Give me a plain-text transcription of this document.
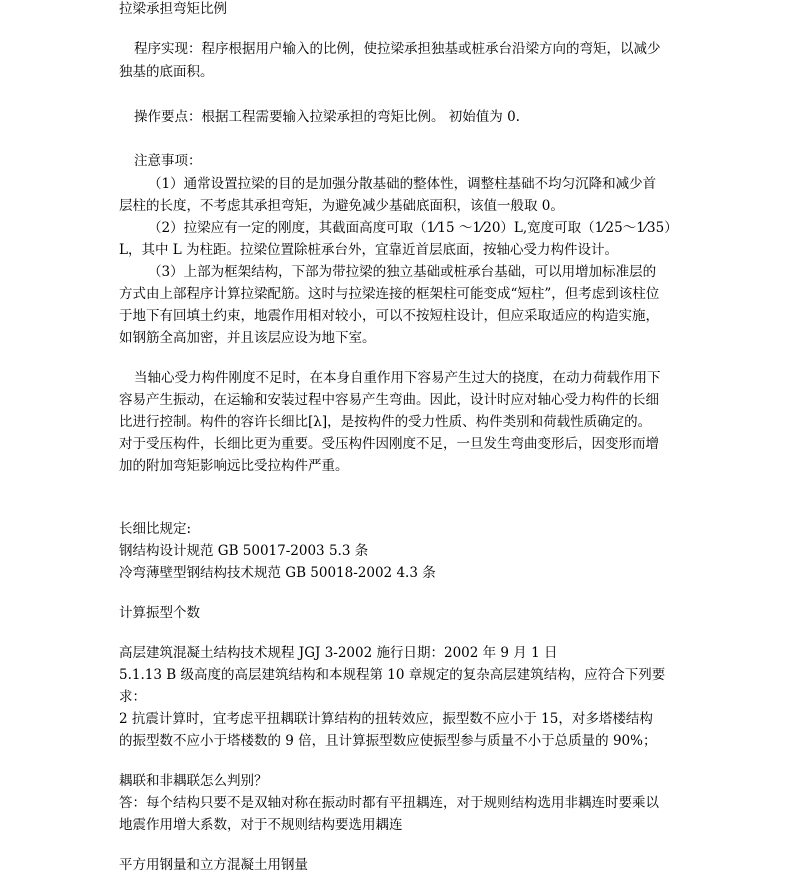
拉梁承担弯矩比例
程序实现：程序根据用户输入的比例，使拉梁承担独基或桩承台沿梁方向的弯矩，以减少
独基的底面积。
操作要点：根据工程需要输入拉梁承担的弯矩比例。 初始值为 0.
注意事项：
（1）通常设置拉梁的目的是加强分散基础的整体性，调整柱基础不均匀沉降和减少首
层柱的长度，不考虑其承担弯矩，为避免减少基础底面积，该值一般取 0。
（2）拉梁应有一定的刚度，其截面高度可取（1⁄15 ～1⁄20）L,宽度可取（1⁄25～1⁄35）
L，其中 L 为柱距。拉梁位置除桩承台外，宜靠近首层底面，按轴心受力构件设计。
（3）上部为框架结构，下部为带拉梁的独立基础或桩承台基础，可以用增加标准层的
方式由上部程序计算拉梁配筋。这时与拉梁连接的框架柱可能变成“短柱”，但考虑到该柱位
于地下有回填土约束，地震作用相对较小，可以不按短柱设计，但应采取适应的构造实施，
如钢筋全高加密，并且该层应设为地下室。
当轴心受力构件刚度不足时，在本身自重作用下容易产生过大的挠度，在动力荷载作用下
容易产生振动，在运输和安装过程中容易产生弯曲。因此，设计时应对轴心受力构件的长细
比进行控制。构件的容许长细比[λ]，是按构件的受力性质、构件类别和荷载性质确定的。
对于受压构件，长细比更为重要。受压构件因刚度不足，一旦发生弯曲变形后，因变形而增
加的附加弯矩影响远比受拉构件严重。
长细比规定:
钢结构设计规范 GB 50017-2003 5.3 条
冷弯薄壁型钢结构技术规范 GB 50018-2002 4.3 条
计算振型个数
高层建筑混凝土结构技术规程 JGJ 3-2002 施行日期：2002 年 9 月 1 日
5.1.13 B 级高度的高层建筑结构和本规程第 10 章规定的复杂高层建筑结构，应符合下列要
求：
2 抗震计算时，宜考虑平扭耦联计算结构的扭转效应，振型数不应小于 15，对多塔楼结构
的振型数不应小于塔楼数的 9 倍，且计算振型数应使振型参与质量不小于总质量的 90%；
耦联和非耦联怎么判别？
答：每个结构只要不是双轴对称在振动时都有平扭耦连，对于规则结构选用非耦连时要乘以
地震作用增大系数，对于不规则结构要选用耦连
平方用钢量和立方混凝土用钢量
